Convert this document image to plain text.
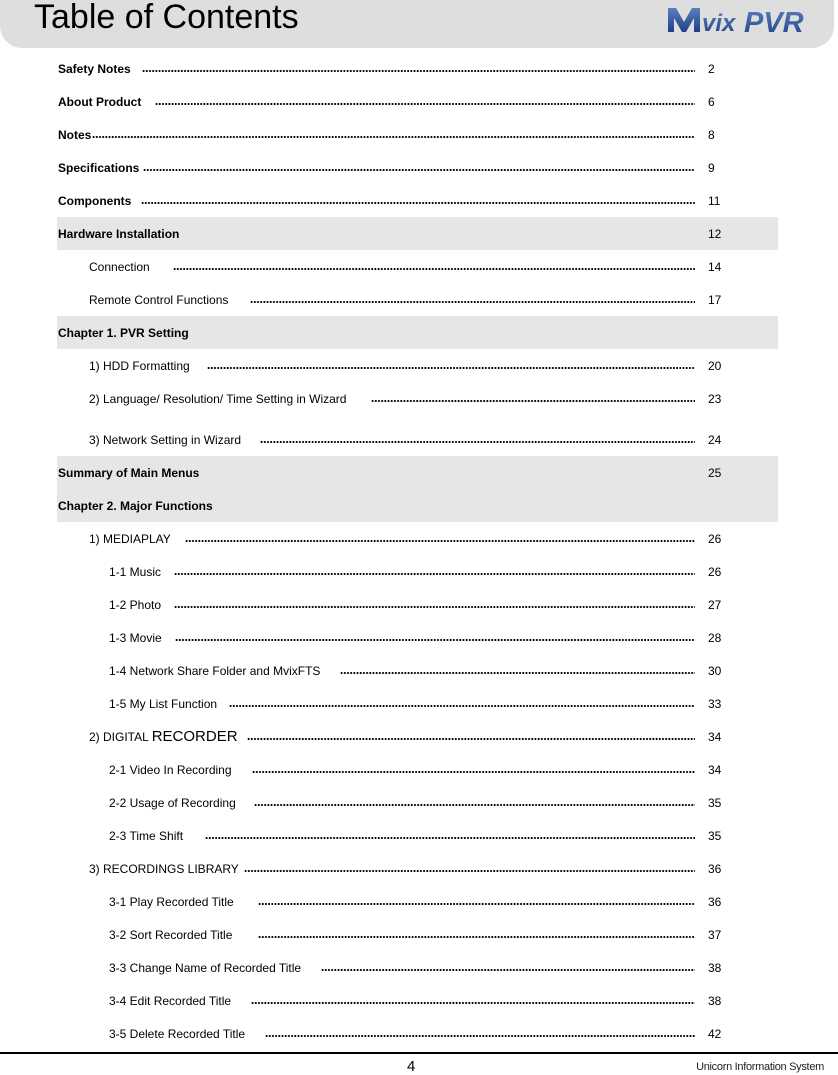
Table of Contents	vix PVR
Safety Notes	2
About Product	6
Notes	8
Specifications	9
Components	11
Hardware Installation	12
Connection	14
Remote Control Functions	17
Chapter 1. PVR Setting
1) HDD Formatting	20
2) Language/ Resolution/ Time Setting in Wizard	23
3) Network Setting in Wizard	24
Summary of Main Menus	25
Chapter 2. Major Functions
1) MEDIAPLAY	26
1-1 Music	26
1-2 Photo	27
1-3 Movie	28
1-4 Network Share Folder and MvixFTS	30
1-5 My List Function	33
2) DIGITAL RECORDER	34
2-1 Video In Recording	34
2-2 Usage of Recording	35
2-3 Time Shift	35
3) RECORDINGS LIBRARY	36
3-1 Play Recorded Title	36
3-2 Sort Recorded Title	37
3-3 Change Name of Recorded Title	38
3-4 Edit Recorded Title	38
3-5 Delete Recorded Title	42
4	Unicorn Information System
